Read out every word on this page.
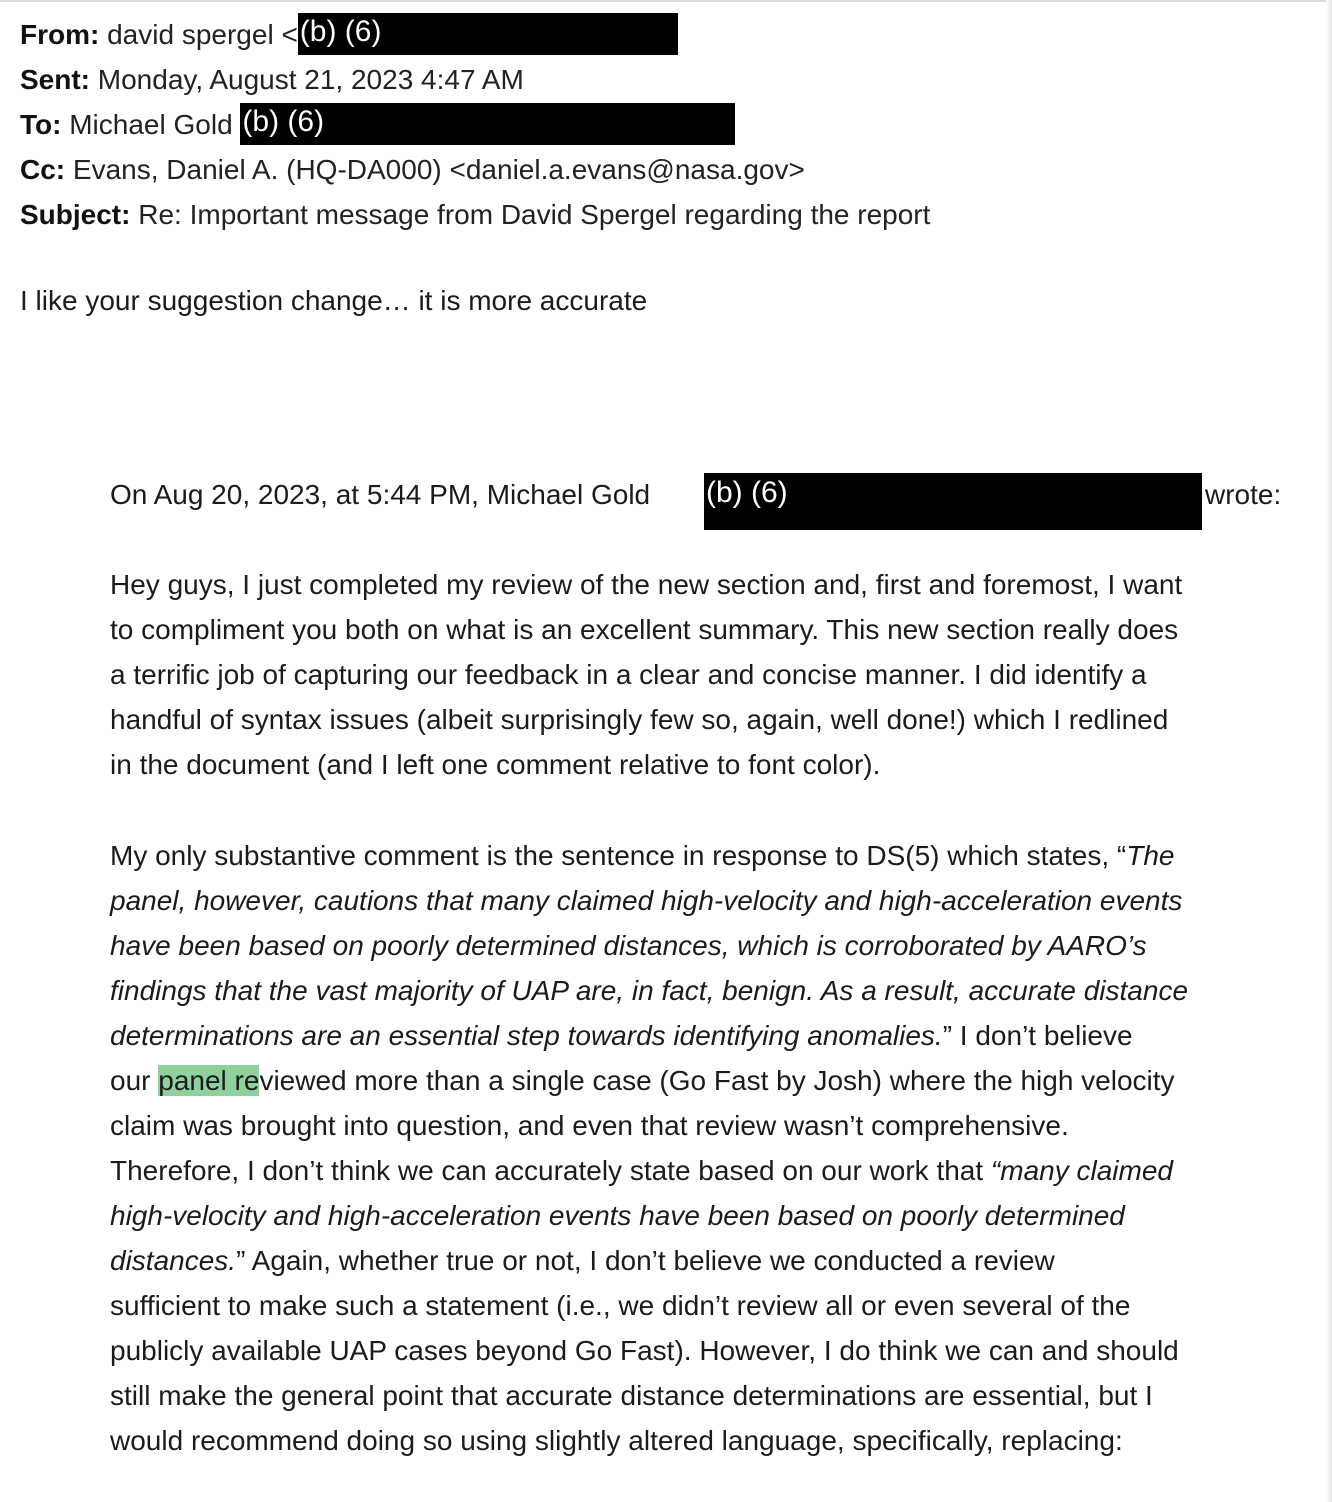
From: david spergel <(b) (6)
Sent: Monday, August 21, 2023 4:47 AM
To: Michael Gold (b) (6)
Cc: Evans, Daniel A. (HQ-DA000) <daniel.a.evans@nasa.gov>
Subject: Re: Important message from David Spergel regarding the report
I like your suggestion change… it is more accurate
On Aug 20, 2023, at 5:44 PM, Michael Gold (b) (6)	wrote:
Hey guys, I just completed my review of the new section and, first and foremost, I want
to compliment you both on what is an excellent summary. This new section really does
a terrific job of capturing our feedback in a clear and concise manner. I did identify a
handful of syntax issues (albeit surprisingly few so, again, well done!) which I redlined
in the document (and I left one comment relative to font color).
My only substantive comment is the sentence in response to DS(5) which states, “The
panel, however, cautions that many claimed high-velocity and high-acceleration events
have been based on poorly determined distances, which is corroborated by AARO’s
findings that the vast majority of UAP are, in fact, benign. As a result, accurate distance
determinations are an essential step towards identifying anomalies.” I don’t believe
our panel reviewed more than a single case (Go Fast by Josh) where the high velocity
claim was brought into question, and even that review wasn’t comprehensive.
Therefore, I don’t think we can accurately state based on our work that “many claimed
high-velocity and high-acceleration events have been based on poorly determined
distances.” Again, whether true or not, I don’t believe we conducted a review
sufficient to make such a statement (i.e., we didn’t review all or even several of the
publicly available UAP cases beyond Go Fast). However, I do think we can and should
still make the general point that accurate distance determinations are essential, but I
would recommend doing so using slightly altered language, specifically, replacing:
